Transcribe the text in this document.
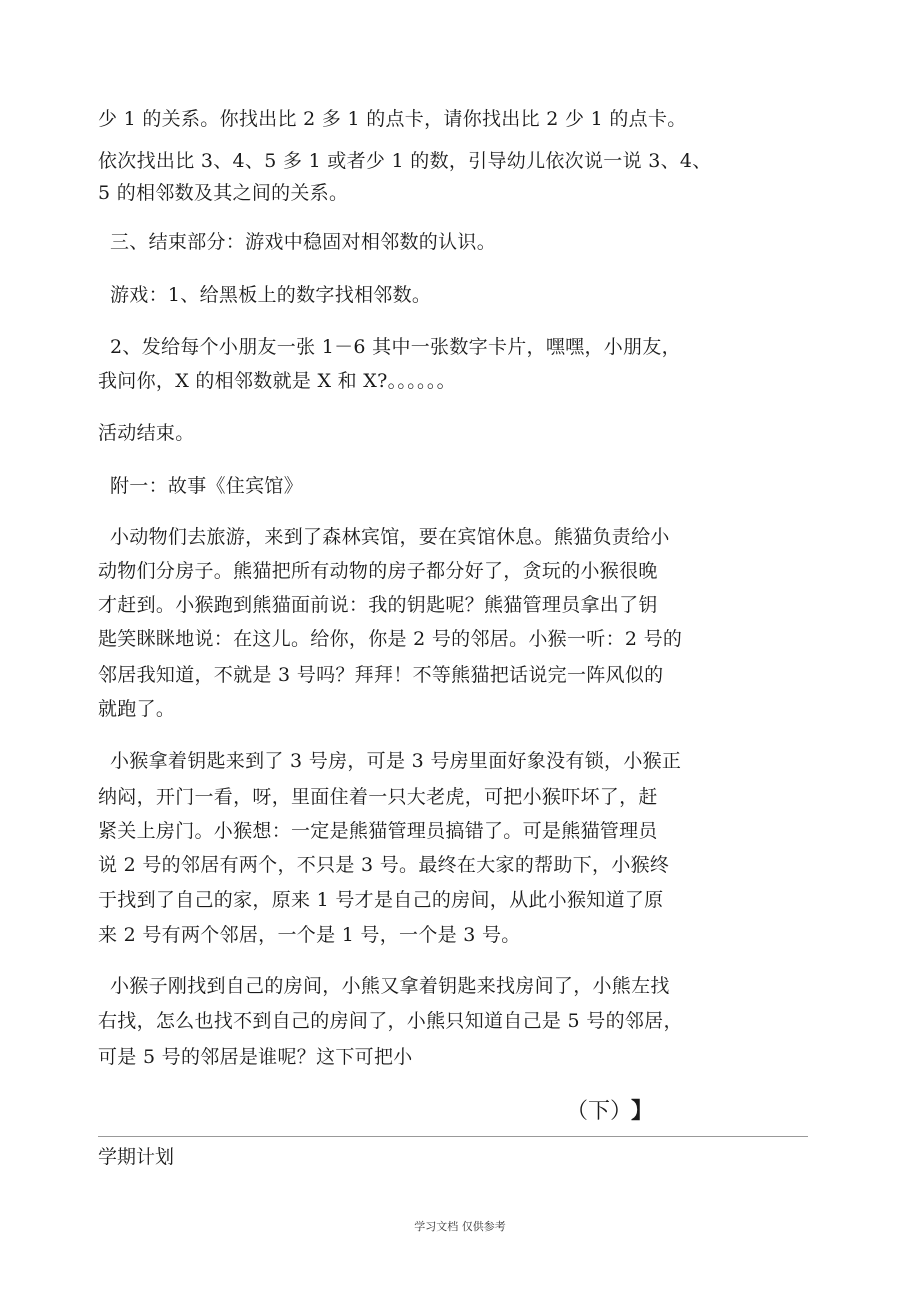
少 1 的关系。你找出比 2 多 1 的点卡，请你找出比 2 少 1 的点卡。
依次找出比 3、4、5 多 1 或者少 1 的数，引导幼儿依次说一说 3、4、
5 的相邻数及其之间的关系。
三、结束部分：游戏中稳固对相邻数的认识。
游戏：1、给黑板上的数字找相邻数。
2、发给每个小朋友一张 1－6 其中一张数字卡片，嘿嘿，小朋友，
我问你，X 的相邻数就是 X 和 X?。。。。。。
活动结束。
附一：故事《住宾馆》
小动物们去旅游，来到了森林宾馆，要在宾馆休息。熊猫负责给小
动物们分房子。熊猫把所有动物的房子都分好了，贪玩的小猴很晚
才赶到。小猴跑到熊猫面前说：我的钥匙呢？熊猫管理员拿出了钥
匙笑眯眯地说：在这儿。给你，你是 2 号的邻居。小猴一听：2 号的
邻居我知道，不就是 3 号吗？拜拜！不等熊猫把话说完一阵风似的
就跑了。
小猴拿着钥匙来到了 3 号房，可是 3 号房里面好象没有锁，小猴正
纳闷，开门一看，呀，里面住着一只大老虎，可把小猴吓坏了，赶
紧关上房门。小猴想：一定是熊猫管理员搞错了。可是熊猫管理员
说 2 号的邻居有两个，不只是 3 号。最终在大家的帮助下，小猴终
于找到了自己的家，原来 1 号才是自己的房间，从此小猴知道了原
来 2 号有两个邻居，一个是 1 号，一个是 3 号。
小猴子刚找到自己的房间，小熊又拿着钥匙来找房间了，小熊左找
右找，怎么也找不到自己的房间了，小熊只知道自己是 5 号的邻居，
可是 5 号的邻居是谁呢？这下可把小
（下） 】
学期计划
学习文档 仅供参考
